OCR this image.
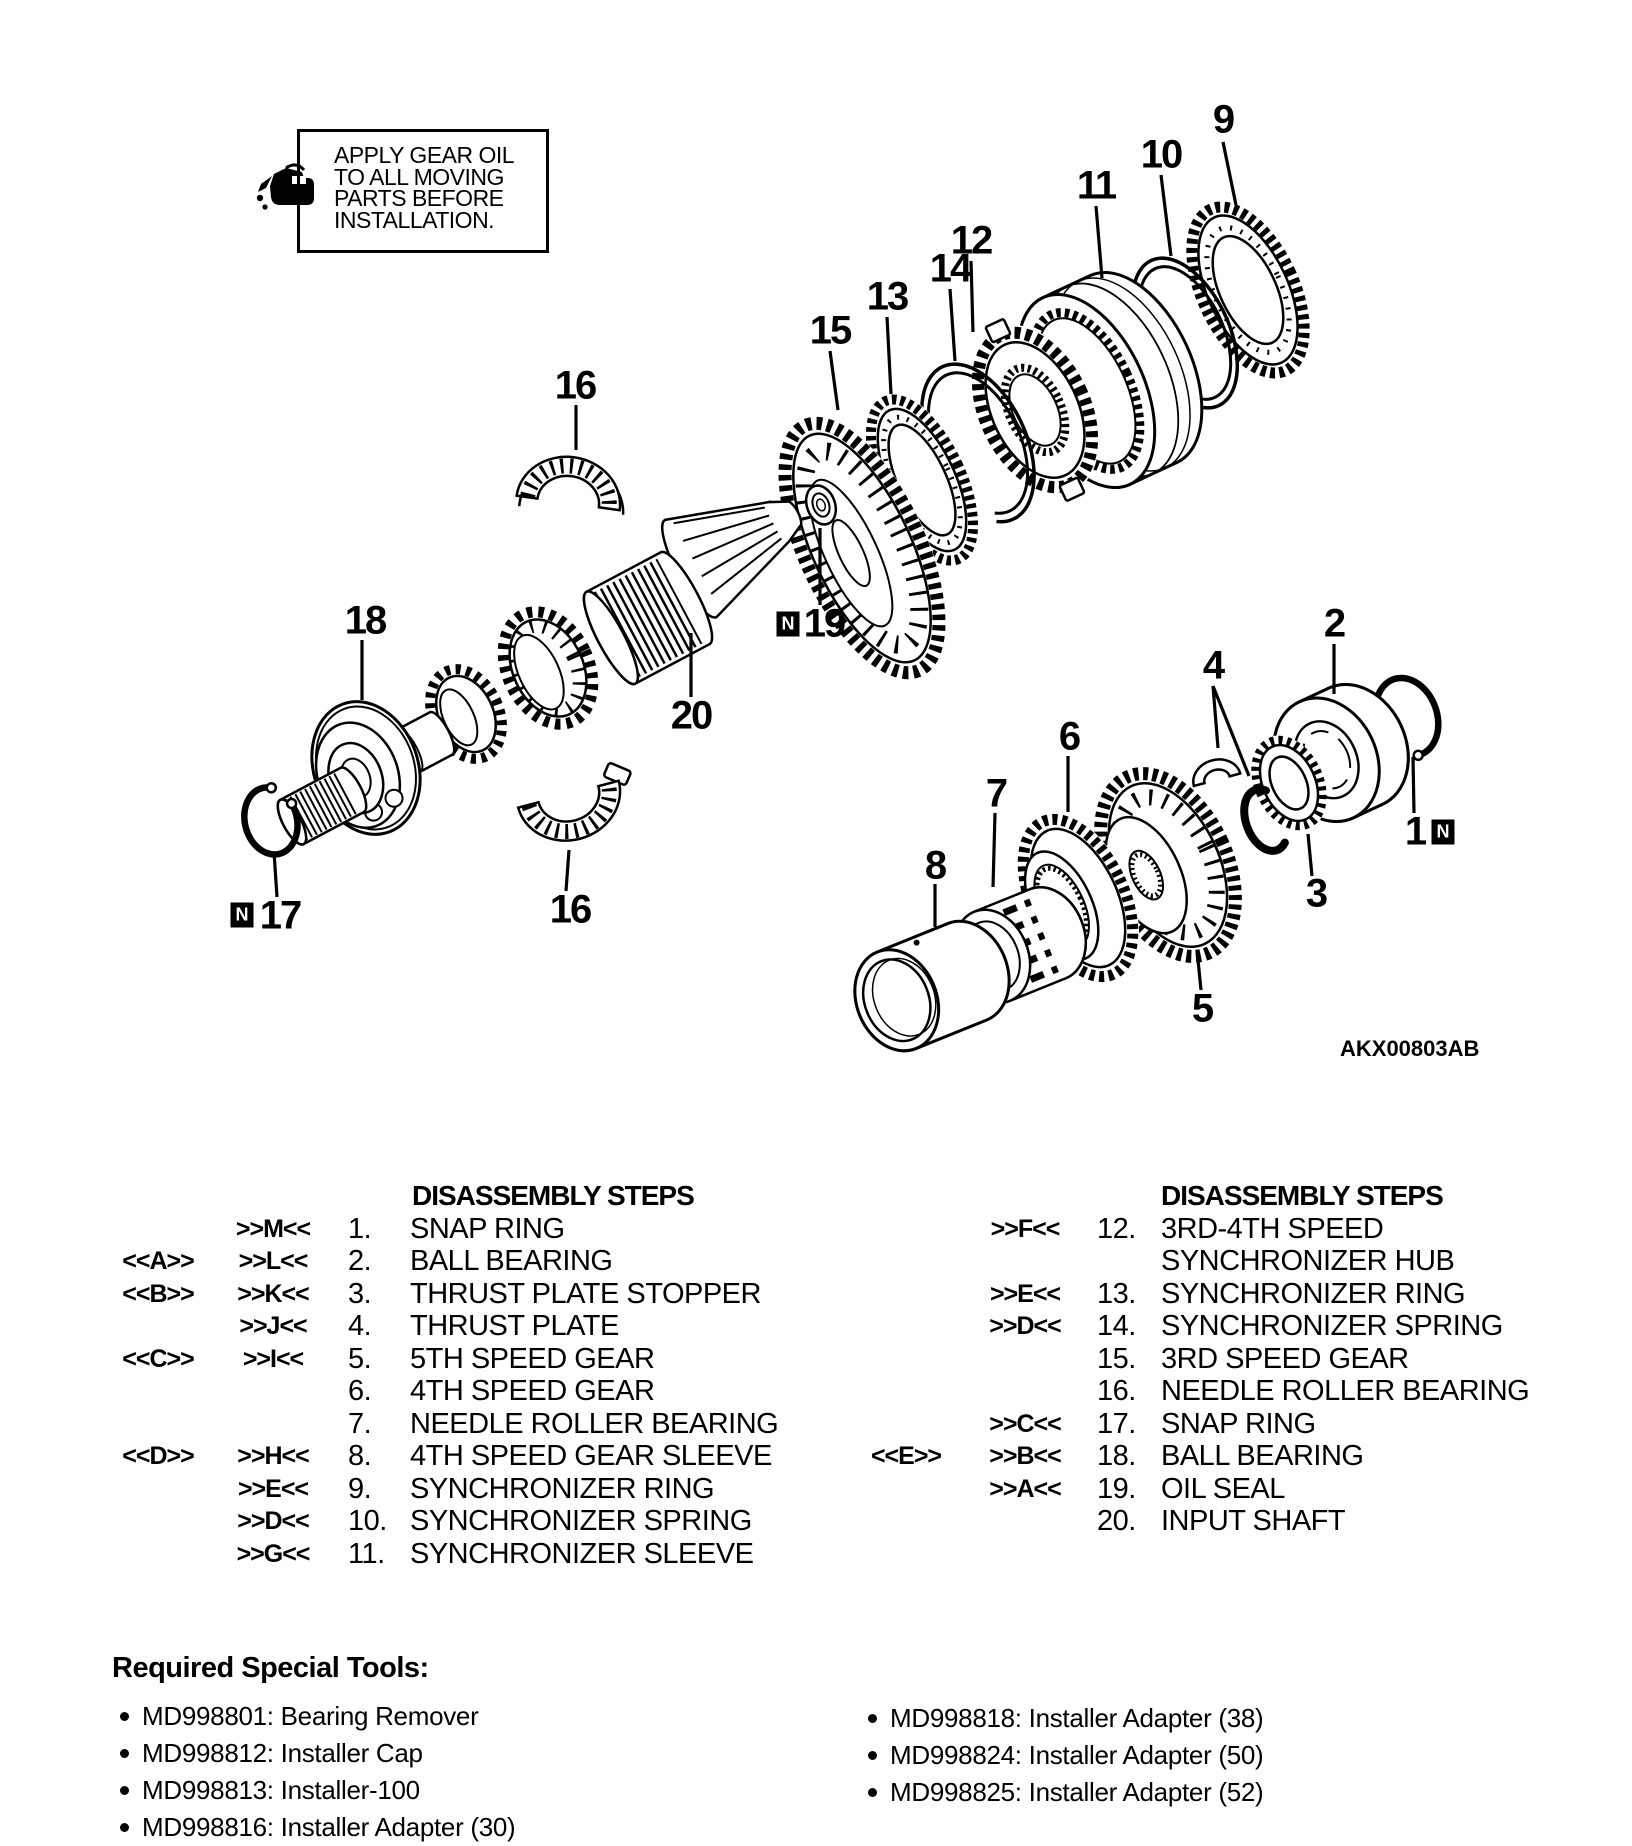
APPLY GEAR OIL
TO ALL MOVING
PARTS BEFORE
INSTALLATION.
9
10
11
12
14
13
15
16
18	N 19
20
2
4
6
7
8
1 N
3
5
N 17	16
AKX00803AB
DISASSEMBLY STEPS
>>M<< 1.	SNAP RING
<<A>> >>L<< 2.	BALL BEARING
<<B>> >>K<< 3.	THRUST PLATE STOPPER
>>J<< 4.	THRUST PLATE
<<C>>	>>I<<	5.	5TH SPEED GEAR
6.	4TH SPEED GEAR
7.	NEEDLE ROLLER BEARING
<<D>> >>H<< 8.	4TH SPEED GEAR SLEEVE
>>E<< 9.	SYNCHRONIZER RING
>>D<< 10. SYNCHRONIZER SPRING
>>G<< 11. SYNCHRONIZER SLEEVE
DISASSEMBLY STEPS
>>F<< 12. 3RD-4TH SPEED
SYNCHRONIZER HUB
>>E<< 13. SYNCHRONIZER RING
>>D<< 14. SYNCHRONIZER SPRING
15. 3RD SPEED GEAR
16. NEEDLE ROLLER BEARING
>>C<< 17. SNAP RING
<<E>> >>B<< 18. BALL BEARING
>>A<< 19. OIL SEAL
20. INPUT SHAFT
Required Special Tools:
MD998801: Bearing Remover
MD998812: Installer Cap
MD998813: Installer-100
MD998816: Installer Adapter (30)
MD998818: Installer Adapter (38)
MD998824: Installer Adapter (50)
MD998825: Installer Adapter (52)
